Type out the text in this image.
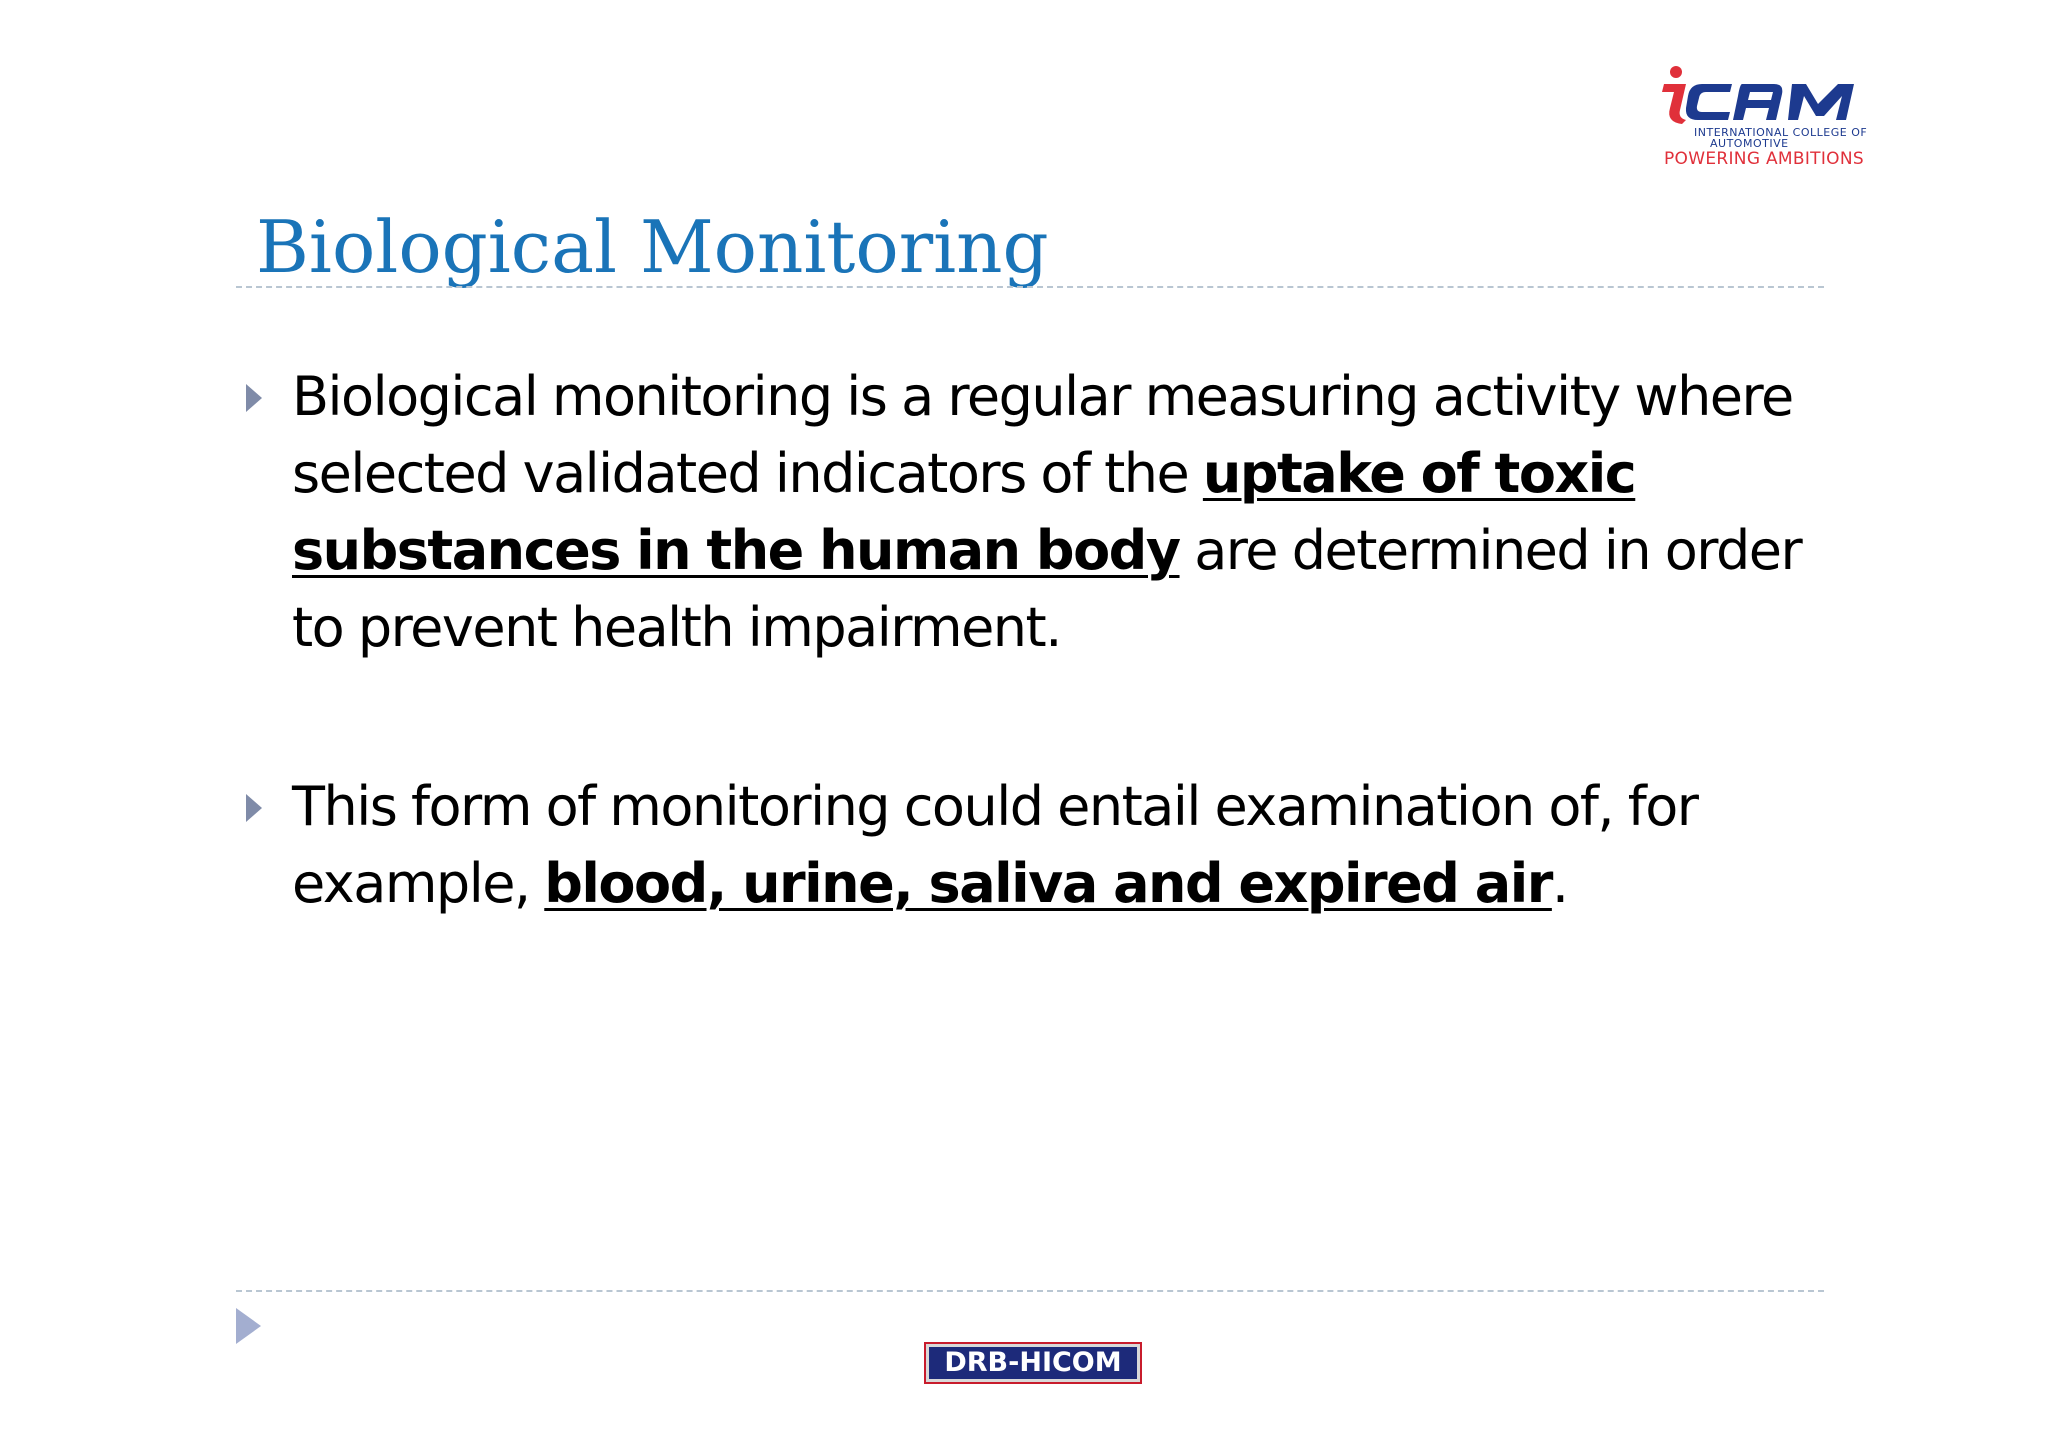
INTERNATIONAL COLLEGE OF
AUTOMOTIVE
POWERING AMBITIONS
Biological Monitoring
Biological monitoring is a regular measuring activity where selected validated indicators of the uptake of toxic substances in the human body are determined in order to prevent health impairment.
This form of monitoring could entail examination of, for example, blood, urine, saliva and expired air.
DRB-HICOM
